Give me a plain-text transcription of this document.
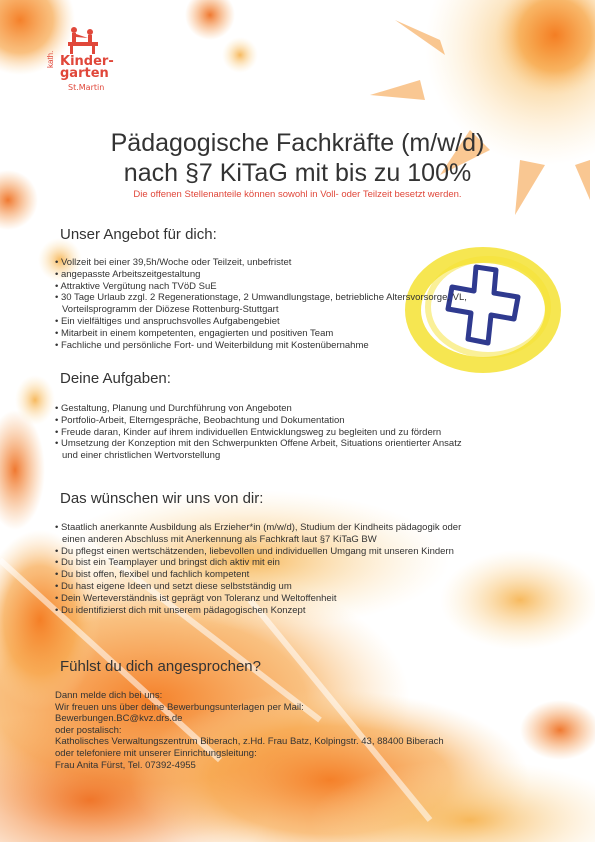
kath. Kinder-
garten
St.Martin
Pädagogische Fachkräfte (m/w/d)
nach §7 KiTaG mit bis zu 100%
Die offenen Stellenanteile können sowohl in Voll- oder Teilzeit besetzt werden.
Unser Angebot für dich:
• Vollzeit bei einer 39,5h/Woche oder Teilzeit, unbefristet
• angepasste Arbeitszeitgestaltung
• Attraktive Vergütung nach TVöD SuE
• 30 Tage Urlaub zzgl. 2 Regenerationstage, 2 Umwandlungstage, betriebliche Altersvorsorge, VL, Vorteilsprogramm der Diözese Rottenburg-Stuttgart
• Ein vielfältiges und anspruchsvolles Aufgabengebiet
• Mitarbeit in einem kompetenten, engagierten und positiven Team
• Fachliche und persönliche Fort- und Weiterbildung mit Kostenübernahme
Deine Aufgaben:
• Gestaltung, Planung und Durchführung von Angeboten
• Portfolio-Arbeit, Elterngespräche, Beobachtung und Dokumentation
• Freude daran, Kinder auf ihrem individuellen Entwicklungsweg zu begleiten und zu fördern
• Umsetzung der Konzeption mit den Schwerpunkten Offene Arbeit, Situations orientierter Ansatz und einer christlichen Wertvorstellung
Das wünschen wir uns von dir:
• Staatlich anerkannte Ausbildung als Erzieher*in (m/w/d), Studium der Kindheits pädagogik oder einen anderen Abschluss mit Anerkennung als Fachkraft laut §7 KiTaG BW
• Du pflegst einen wertschätzenden, liebevollen und individuellen Umgang mit unseren Kindern
• Du bist ein Teamplayer und bringst dich aktiv mit ein
• Du bist offen, flexibel und fachlich kompetent
• Du hast eigene Ideen und setzt diese selbstständig um
• Dein Werteverständnis ist geprägt von Toleranz und Weltoffenheit
• Du identifizierst dich mit unserem pädagogischen Konzept
Fühlst du dich angesprochen?
Dann melde dich bei uns:
Wir freuen uns über deine Bewerbungsunterlagen per Mail:
Bewerbungen.BC@kvz.drs.de
oder postalisch:
Katholisches Verwaltungszentrum Biberach, z.Hd. Frau Batz, Kolpingstr. 43, 88400 Biberach
oder telefoniere mit unserer Einrichtungsleitung:
Frau Anita Fürst, Tel. 07392-4955
